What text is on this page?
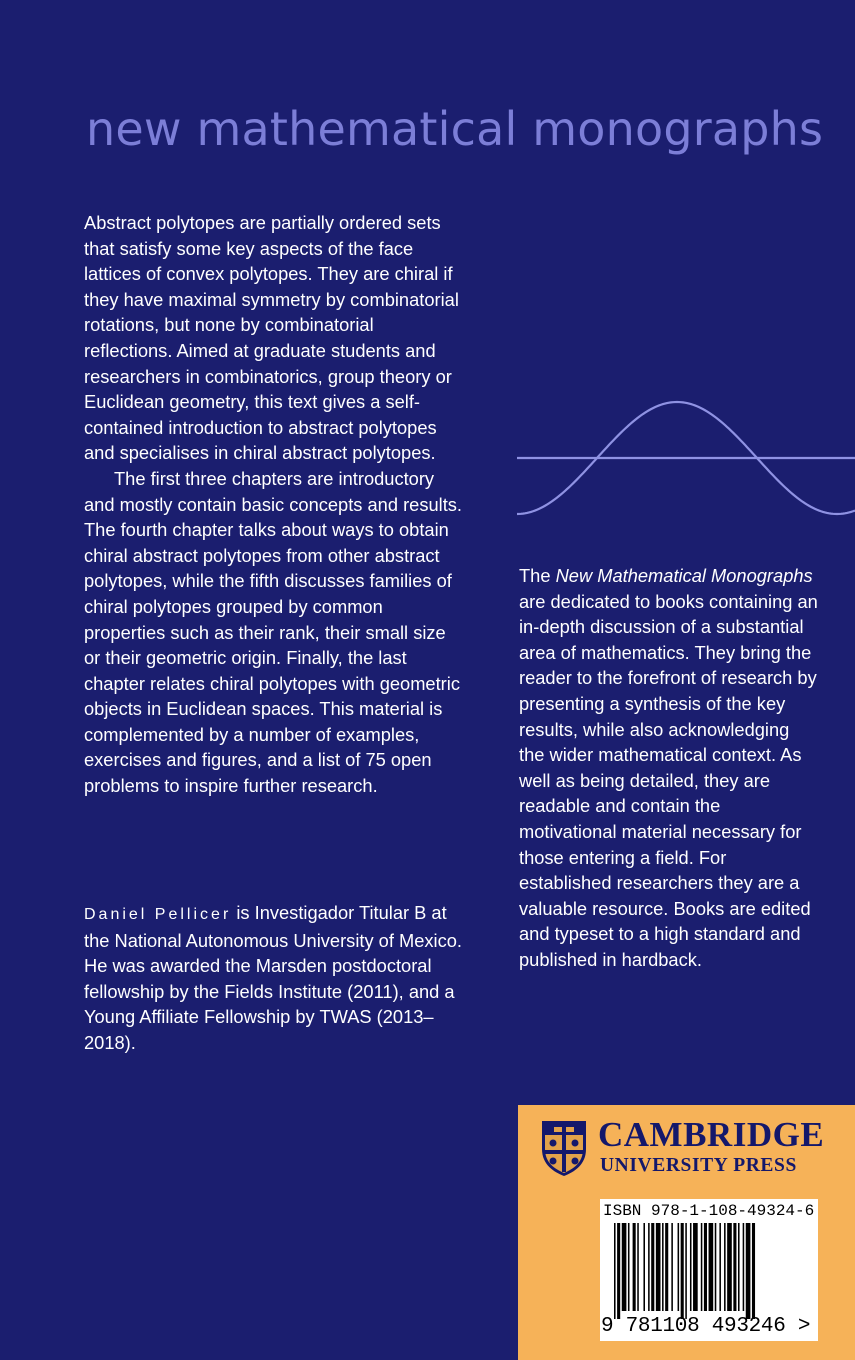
new mathematical monographs

Abstract polytopes are partially ordered sets that satisfy some key aspects of the face lattices of convex polytopes. They are chiral if they have maximal symmetry by combinatorial rotations, but none by combinatorial reflections. Aimed at graduate students and researchers in combinatorics, group theory or Euclidean geometry, this text gives a self-contained introduction to abstract polytopes and specialises in chiral abstract polytopes.

The first three chapters are introductory and mostly contain basic concepts and results. The fourth chapter talks about ways to obtain chiral abstract polytopes from other abstract polytopes, while the fifth discusses families of chiral polytopes grouped by common properties such as their rank, their small size or their geometric origin. Finally, the last chapter relates chiral polytopes with geometric objects in Euclidean spaces. This material is complemented by a number of examples, exercises and figures, and a list of 75 open problems to inspire further research.

Daniel Pellicer is Investigador Titular B at the National Autonomous University of Mexico. He was awarded the Marsden postdoctoral fellowship by the Fields Institute (2011), and a Young Affiliate Fellowship by TWAS (2013–2018).
The New Mathematical Monographs are dedicated to books containing an in-depth discussion of a substantial area of mathematics. They bring the reader to the forefront of research by presenting a synthesis of the key results, while also acknowledging the wider mathematical context. As well as being detailed, they are readable and contain the motivational material necessary for those entering a field. For established researchers they are a valuable resource. Books are edited and typeset to a high standard and published in hardback.
CAMBRIDGE
UNIVERSITY PRESS
ISBN 978-1-108-49324-6
9 781108 493246 >
